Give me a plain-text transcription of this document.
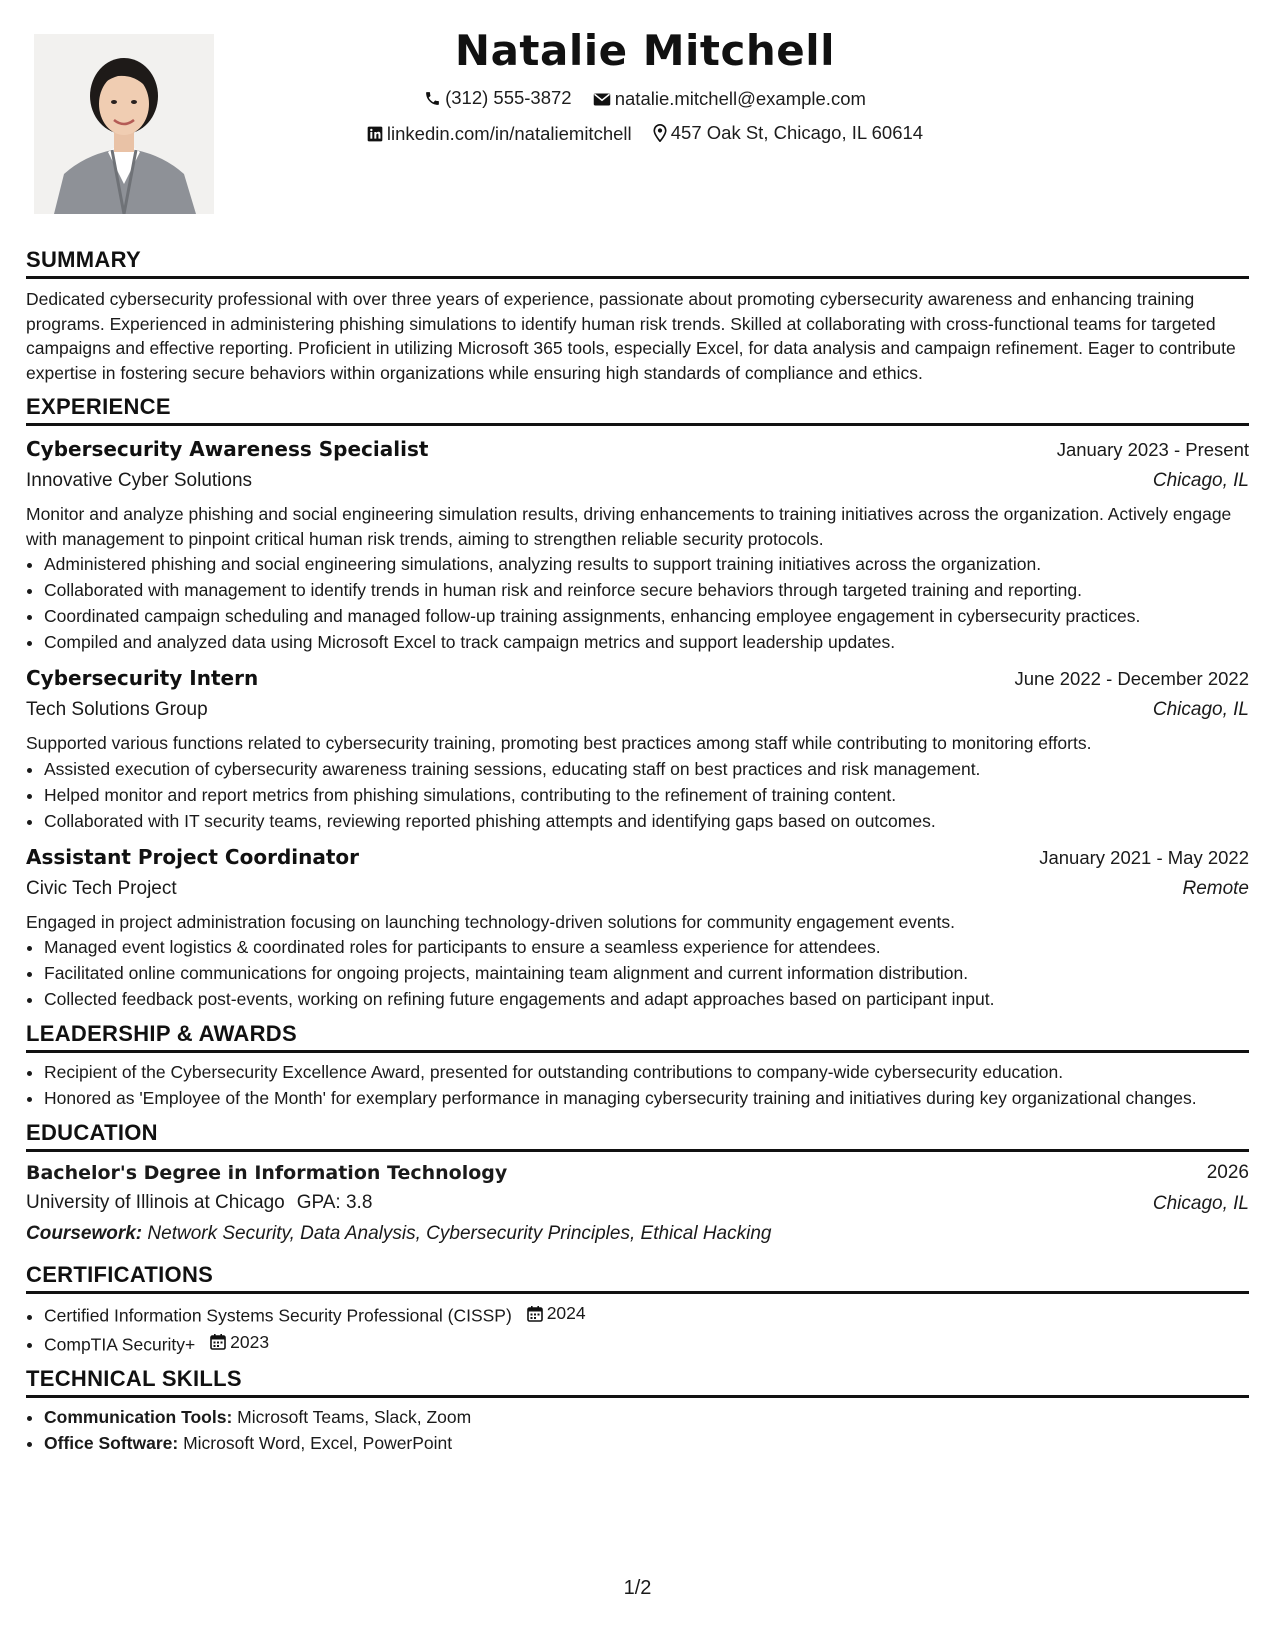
Natalie Mitchell
(312) 555-3872
natalie.mitchell@example.com
linkedin.com/in/nataliemitchell
457 Oak St, Chicago, IL 60614
SUMMARY

Dedicated cybersecurity professional with over three years of experience, passionate about promoting cybersecurity awareness and enhancing training programs. Experienced in administering phishing simulations to identify human risk trends. Skilled at collaborating with cross-functional teams for targeted campaigns and effective reporting. Proficient in utilizing Microsoft 365 tools, especially Excel, for data analysis and campaign refinement. Eager to contribute expertise in fostering secure behaviors within organizations while ensuring high standards of compliance and ethics.

EXPERIENCE
Cybersecurity Awareness Specialist	January 2023 - Present
Innovative Cyber Solutions	Chicago, IL

Monitor and analyze phishing and social engineering simulation results, driving enhancements to training initiatives across the organization. Actively engage with management to pinpoint critical human risk trends, aiming to strengthen reliable security protocols.

• Administered phishing and social engineering simulations, analyzing results to support training initiatives across the organization.
• Collaborated with management to identify trends in human risk and reinforce secure behaviors through targeted training and reporting.
• Coordinated campaign scheduling and managed follow-up training assignments, enhancing employee engagement in cybersecurity practices.
• Compiled and analyzed data using Microsoft Excel to track campaign metrics and support leadership updates.
Cybersecurity Intern	June 2022 - December 2022
Tech Solutions Group	Chicago, IL

Supported various functions related to cybersecurity training, promoting best practices among staff while contributing to monitoring efforts.

• Assisted execution of cybersecurity awareness training sessions, educating staff on best practices and risk management.
• Helped monitor and report metrics from phishing simulations, contributing to the refinement of training content.
• Collaborated with IT security teams, reviewing reported phishing attempts and identifying gaps based on outcomes.
Assistant Project Coordinator	January 2021 - May 2022
Civic Tech Project	Remote

Engaged in project administration focusing on launching technology-driven solutions for community engagement events.

• Managed event logistics & coordinated roles for participants to ensure a seamless experience for attendees.
• Facilitated online communications for ongoing projects, maintaining team alignment and current information distribution.
• Collected feedback post-events, working on refining future engagements and adapt approaches based on participant input.
LEADERSHIP & AWARDS
• Recipient of the Cybersecurity Excellence Award, presented for outstanding contributions to company-wide cybersecurity education.
• Honored as 'Employee of the Month' for exemplary performance in managing cybersecurity training and initiatives during key organizational changes.
EDUCATION
Bachelor's Degree in Information Technology	2026
University of Illinois at Chicago GPA: 3.8	Chicago, IL
Coursework: Network Security, Data Analysis, Cybersecurity Principles, Ethical Hacking
CERTIFICATIONS
• Certified Information Systems Security Professional (CISSP) 2024
• CompTIA Security+ 2023
TECHNICAL SKILLS
• Communication Tools: Microsoft Teams, Slack, Zoom
• Office Software: Microsoft Word, Excel, PowerPoint
1/2
